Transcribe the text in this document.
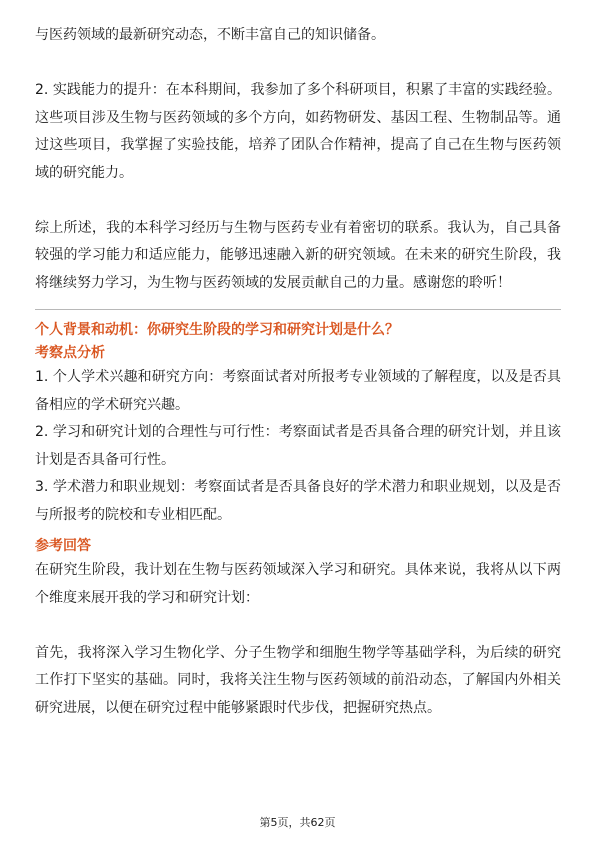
与医药领域的最新研究动态，不断丰富自己的知识储备。

2. 实践能力的提升：在本科期间，我参加了多个科研项目，积累了丰富的实践经验。这些项目涉及生物与医药领域的多个方向，如药物研发、基因工程、生物制品等。通过这些项目，我掌握了实验技能，培养了团队合作精神，提高了自己在生物与医药领域的研究能力。

综上所述，我的本科学习经历与生物与医药专业有着密切的联系。我认为，自己具备较强的学习能力和适应能力，能够迅速融入新的研究领域。在未来的研究生阶段，我将继续努力学习，为生物与医药领域的发展贡献自己的力量。感谢您的聆听！

个人背景和动机：你研究生阶段的学习和研究计划是什么？
考察点分析

1. 个人学术兴趣和研究方向：考察面试者对所报考专业领域的了解程度，以及是否具备相应的学术研究兴趣。

2. 学习和研究计划的合理性与可行性：考察面试者是否具备合理的研究计划，并且该计划是否具备可行性。

3. 学术潜力和职业规划：考察面试者是否具备良好的学术潜力和职业规划，以及是否与所报考的院校和专业相匹配。

参考回答

在研究生阶段，我计划在生物与医药领域深入学习和研究。具体来说，我将从以下两个维度来展开我的学习和研究计划：

首先，我将深入学习生物化学、分子生物学和细胞生物学等基础学科，为后续的研究工作打下坚实的基础。同时，我将关注生物与医药领域的前沿动态，了解国内外相关研究进展，以便在研究过程中能够紧跟时代步伐，把握研究热点。

第5页，共62页
